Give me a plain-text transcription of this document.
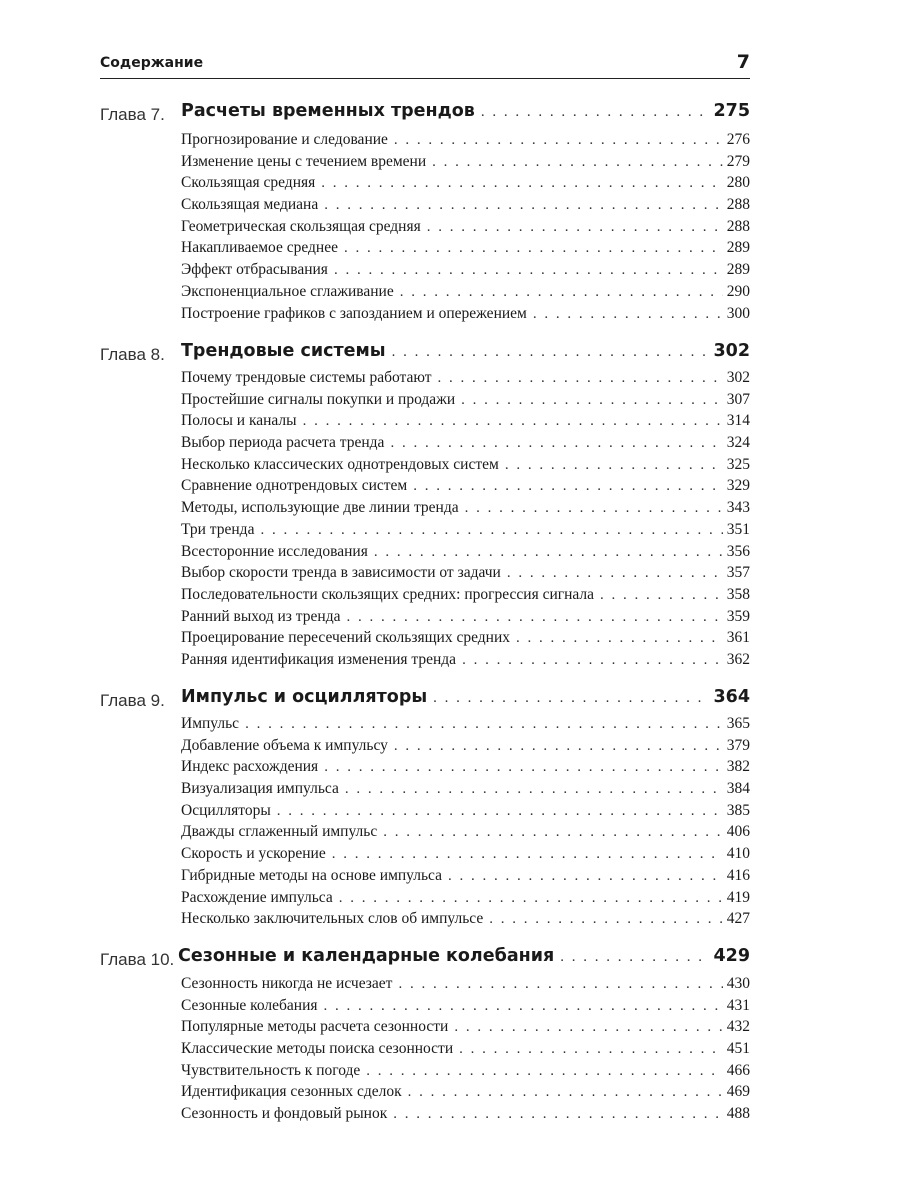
Содержание	7
Глава 7. Расчеты временных трендов . . .	275
Прогнозирование и следование . . .	276
Изменение цены с течением времени . . .	279
Скользящая средняя . . .	280
Скользящая медиана . . .	288
Геометрическая скользящая средняя . . .	288
Накапливаемое среднее . . .	289
Эффект отбрасывания . . .	289
Экспоненциальное сглаживание . . .	290
Построение графиков с запозданием и опережением . . .	300
Глава 8. Трендовые системы . . .	302
Почему трендовые системы работают . . .	302
Простейшие сигналы покупки и продажи . . .	307
Полосы и каналы . . .	314
Выбор периода расчета тренда . . .	324
Несколько классических однотрендовых систем . . .	325
Сравнение однотрендовых систем . . .	329
Методы, использующие две линии тренда . . .	343
Три тренда . . .	351
Всесторонние исследования . . .	356
Выбор скорости тренда в зависимости от задачи . . .	357
Последовательности скользящих средних: прогрессия сигнала . . .	358
Ранний выход из тренда . . .	359
Проецирование пересечений скользящих средних . . .	361
Ранняя идентификация изменения тренда . . .	362
Глава 9. Импульс и осцилляторы . . .	364
Импульс . . .	365
Добавление объема к импульсу . . .	379
Индекс расхождения . . .	382
Визуализация импульса . . .	384
Осцилляторы . . .	385
Дважды сглаженный импульс . . .	406
Скорость и ускорение . . .	410
Гибридные методы на основе импульса . . .	416
Расхождение импульса . . .	419
Несколько заключительных слов об импульсе . . .	427
Глава 10. Сезонные и календарные колебания . . .	429
Сезонность никогда не исчезает . . .	430
Сезонные колебания . . .	431
Популярные методы расчета сезонности . . .	432
Классические методы поиска сезонности . . .	451
Чувствительность к погоде . . .	466
Идентификация сезонных сделок . . .	469
Сезонность и фондовый рынок . . .	488
